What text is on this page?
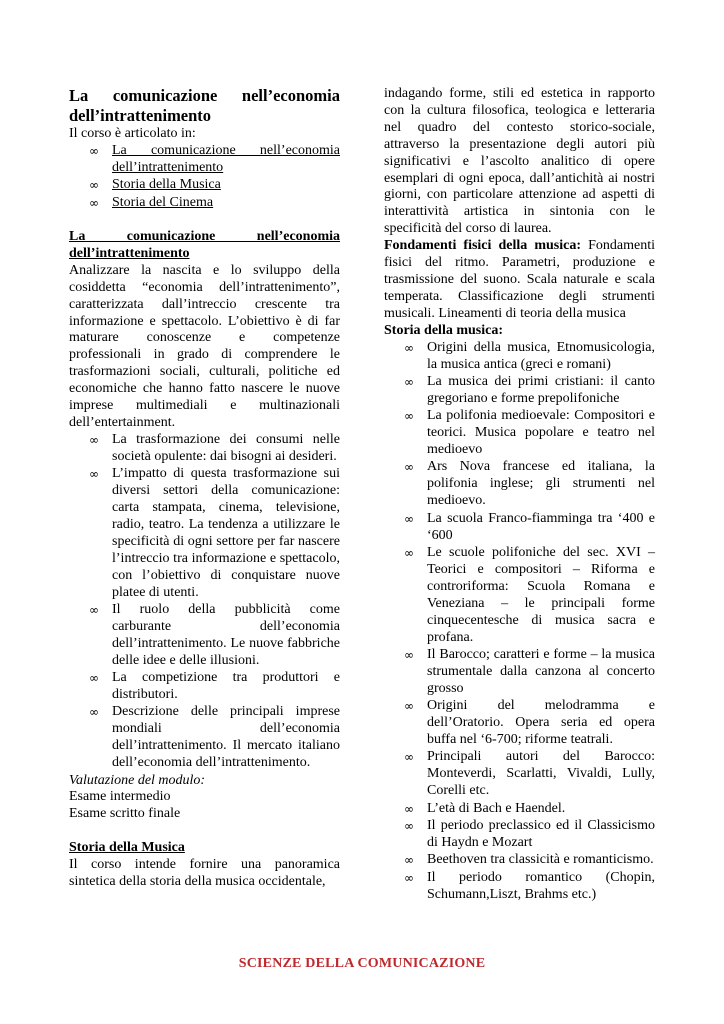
La comunicazione nell’economia
dell’intrattenimento

Il corso è articolato in:

∞ La comunicazione nell’economia
dell’intrattenimento
∞ Storia della Musica
∞ Storia del Cinema
La comunicazione nell’economia
dell’intrattenimento

Analizzare la nascita e lo sviluppo della cosiddetta “economia dell’intrattenimento”, caratterizzata dall’intreccio crescente tra informazione e spettacolo. L’obiettivo è di far maturare conoscenze e competenze professionali in grado di comprendere le trasformazioni sociali, culturali, politiche ed economiche che hanno fatto nascere le nuove imprese multimediali e multinazionali dell’entertainment.

∞ La trasformazione dei consumi nelle società opulente: dai bisogni ai desideri.
∞ L’impatto di questa trasformazione sui diversi settori della comunicazione: carta stampata, cinema, televisione, radio, teatro. La tendenza a utilizzare le specificità di ogni settore per far nascere l’intreccio tra informazione e spettacolo, con l’obiettivo di conquistare nuove platee di utenti.
∞ Il ruolo della pubblicità come carburante dell’economia dell’intrattenimento. Le nuove fabbriche delle idee e delle illusioni.
∞ La competizione tra produttori e distributori.
∞ Descrizione delle principali imprese mondiali dell’economia dell’intrattenimento. Il mercato italiano dell’economia dell’intrattenimento.

Valutazione del modulo:

Esame intermedio

Esame scritto finale

Storia della Musica

Il corso intende fornire una panoramica sintetica della storia della musica occidentale,

indagando forme, stili ed estetica in rapporto con la cultura filosofica, teologica e letteraria nel quadro del contesto storico-sociale, attraverso la presentazione degli autori più significativi e l’ascolto analitico di opere esemplari di ogni epoca, dall’antichità ai nostri giorni, con particolare attenzione ad aspetti di interattività artistica in sintonia con le specificità del corso di laurea.

Fondamenti fisici della musica: Fondamenti fisici del ritmo. Parametri, produzione e trasmissione del suono. Scala naturale e scala temperata. Classificazione degli strumenti musicali. Lineamenti di teoria della musica

Storia della musica:

∞ Origini della musica, Etnomusicologia, la musica antica (greci e romani)
∞ La musica dei primi cristiani: il canto gregoriano e forme prepolifoniche
∞ La polifonia medioevale: Compositori e teorici. Musica popolare e teatro nel medioevo
∞ Ars Nova francese ed italiana, la polifonia inglese; gli strumenti nel medioevo.
∞ La scuola Franco-fiamminga tra ‘400 e ‘600
∞ Le scuole polifoniche del sec. XVI – Teorici e compositori – Riforma e controriforma: Scuola Romana e Veneziana – le principali forme cinquecentesche di musica sacra e profana.
∞ Il Barocco; caratteri e forme – la musica strumentale dalla canzona al concerto grosso
∞ Origini del melodramma e dell’Oratorio. Opera seria ed opera buffa nel ‘6-700; riforme teatrali.
∞ Principali autori del Barocco: Monteverdi, Scarlatti, Vivaldi, Lully, Corelli etc.
∞ L’età di Bach e Haendel.
∞ Il periodo preclassico ed il Classicismo di Haydn e Mozart
∞ Beethoven tra classicità e romanticismo.
∞ Il periodo romantico (Chopin, Schumann,Liszt, Brahms etc.)
SCIENZE DELLA COMUNICAZIONE
